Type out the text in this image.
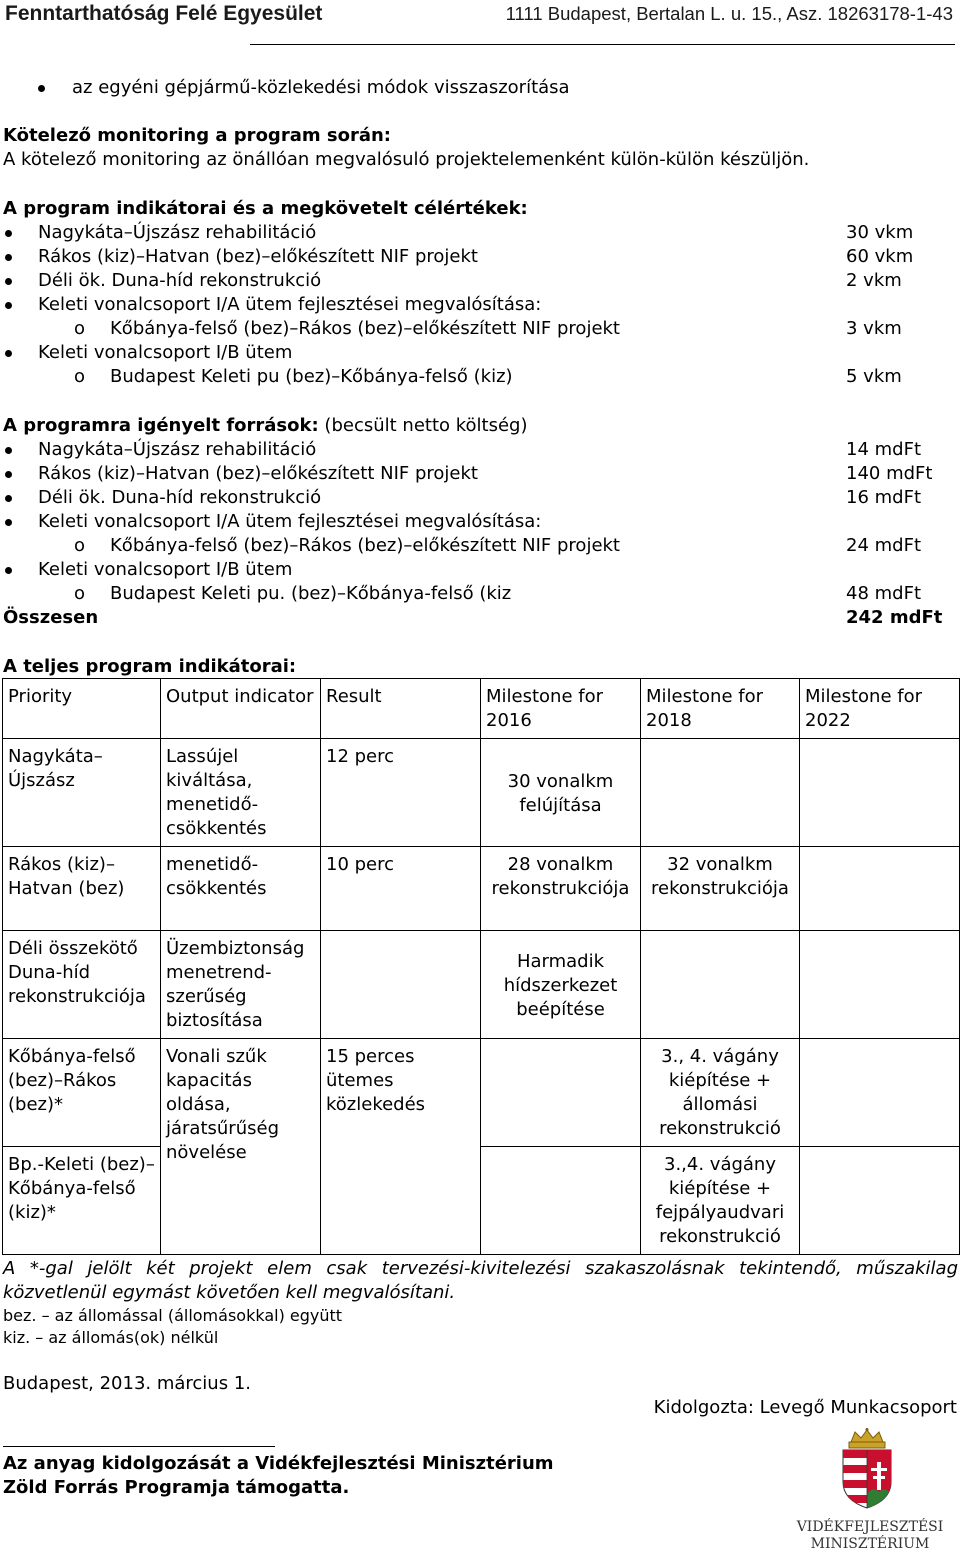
Fenntarthatóság Felé Egyesület	1111 Budapest, Bertalan L. u. 15., Asz. 18263178-1-43
az egyéni gépjármű-közlekedési módok visszaszorítása
Kötelező monitoring a program során:
A kötelező monitoring az önállóan megvalósuló projektelemenként külön-külön készüljön.
A program indikátorai és a megkövetelt célértékek:
Nagykáta–Újszász rehabilitáció	30 vkm
Rákos (kiz)–Hatvan (bez)–előkészített NIF projekt	60 vkm
Déli ök. Duna-híd rekonstrukció	2 vkm
Keleti vonalcsoport I/A ütem fejlesztései megvalósítása:
o Kőbánya-felső (bez)–Rákos (bez)–előkészített NIF projekt	3 vkm
Keleti vonalcsoport I/B ütem
o Budapest Keleti pu (bez)–Kőbánya-felső (kiz)	5 vkm
A programra igényelt források: (becsült netto költség)
Nagykáta–Újszász rehabilitáció	14 mdFt
Rákos (kiz)–Hatvan (bez)–előkészített NIF projekt	140 mdFt
Déli ök. Duna-híd rekonstrukció	16 mdFt
Keleti vonalcsoport I/A ütem fejlesztései megvalósítása:
o Kőbánya-felső (bez)–Rákos (bez)–előkészített NIF projekt	24 mdFt
Keleti vonalcsoport I/B ütem
o Budapest Keleti pu. (bez)–Kőbánya-felső (kiz	48 mdFt
Összesen	242 mdFt
A teljes program indikátorai:
Priority	Output indicator	Result	Milestone for 2016	Milestone for 2018	Milestone for 2022
Nagykáta–Újszász	Lassújel kiváltása, menetidő-csökkentés	12 perc	30 vonalkm felújítása		
Rákos (kiz)–Hatvan (bez)	menetidő-csökkentés	10 perc	28 vonalkm rekonstrukciója	32 vonalkm rekonstrukciója	
Déli összekötő Duna-híd rekonstrukciója	Üzembiztonság menetrend-szerűség biztosítása		Harmadik hídszerkezet beépítése		
Kőbánya-felső (bez)–Rákos (bez)*	Vonali szűk kapacitás oldása, járatsűrűség növelése	15 perces ütemes közlekedés		3., 4. vágány kiépítése + állomási rekonstrukció	
Bp.-Keleti (bez)–Kőbánya-felső (kiz)*				3.,4. vágány kiépítése + fejpályaudvari rekonstrukció	
A *-gal jelölt két projekt elem csak tervezési-kivitelezési szakaszolásnak tekintendő, műszakilag közvetlenül egymást követően kell megvalósítani.
bez. – az állomással (állomásokkal) együtt
kiz. – az állomás(ok) nélkül
Budapest, 2013. március 1.
Kidolgozta: Levegő Munkacsoport
Az anyag kidolgozását a Vidékfejlesztési Minisztérium
Zöld Forrás Programja támogatta.
VIDÉKFEJLESZTÉSI
MINISZTÉRIUM
